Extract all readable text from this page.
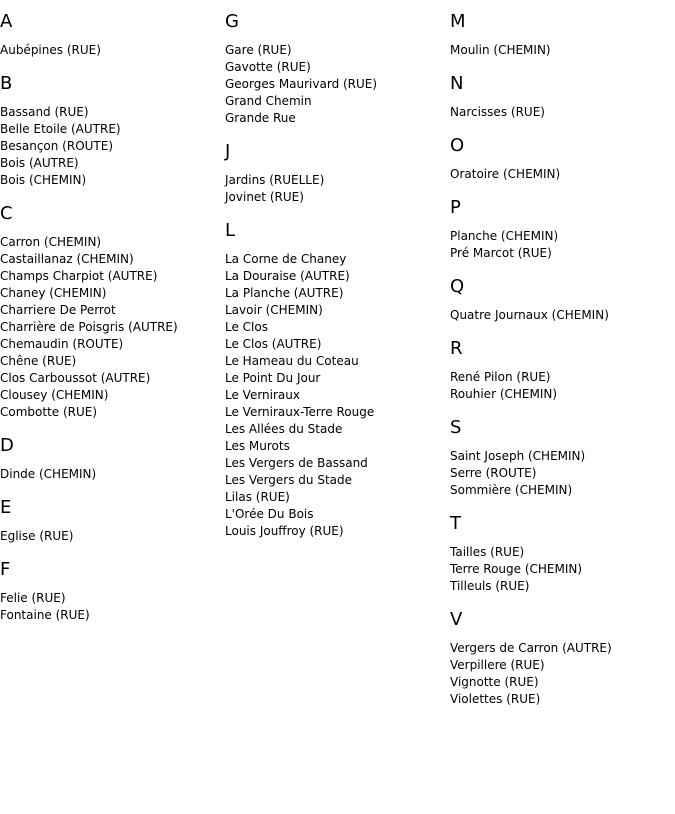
A
Aubépines (RUE)
B
Bassand (RUE)
Belle Etoile (AUTRE)
Besançon (ROUTE)
Bois (AUTRE)
Bois (CHEMIN)
C
Carron (CHEMIN)
Castaillanaz (CHEMIN)
Champs Charpiot (AUTRE)
Chaney (CHEMIN)
Charriere De Perrot
Charrière de Poisgris (AUTRE)
Chemaudin (ROUTE)
Chêne (RUE)
Clos Carboussot (AUTRE)
Clousey (CHEMIN)
Combotte (RUE)
D
Dinde (CHEMIN)
E
Eglise (RUE)
F
Felie (RUE)
Fontaine (RUE)
G
Gare (RUE)
Gavotte (RUE)
Georges Maurivard (RUE)
Grand Chemin
Grande Rue
J
Jardins (RUELLE)
Jovinet (RUE)
L
La Corne de Chaney
La Douraise (AUTRE)
La Planche (AUTRE)
Lavoir (CHEMIN)
Le Clos
Le Clos (AUTRE)
Le Hameau du Coteau
Le Point Du Jour
Le Verniraux
Le Verniraux-Terre Rouge
Les Allées du Stade
Les Murots
Les Vergers de Bassand
Les Vergers du Stade
Lilas (RUE)
L'Orée Du Bois
Louis Jouffroy (RUE)
M
Moulin (CHEMIN)
N
Narcisses (RUE)
O
Oratoire (CHEMIN)
P
Planche (CHEMIN)
Pré Marcot (RUE)
Q
Quatre Journaux (CHEMIN)
R
René Pilon (RUE)
Rouhier (CHEMIN)
S
Saint Joseph (CHEMIN)
Serre (ROUTE)
Sommière (CHEMIN)
T
Tailles (RUE)
Terre Rouge (CHEMIN)
Tilleuls (RUE)
V
Vergers de Carron (AUTRE)
Verpillere (RUE)
Vignotte (RUE)
Violettes (RUE)
